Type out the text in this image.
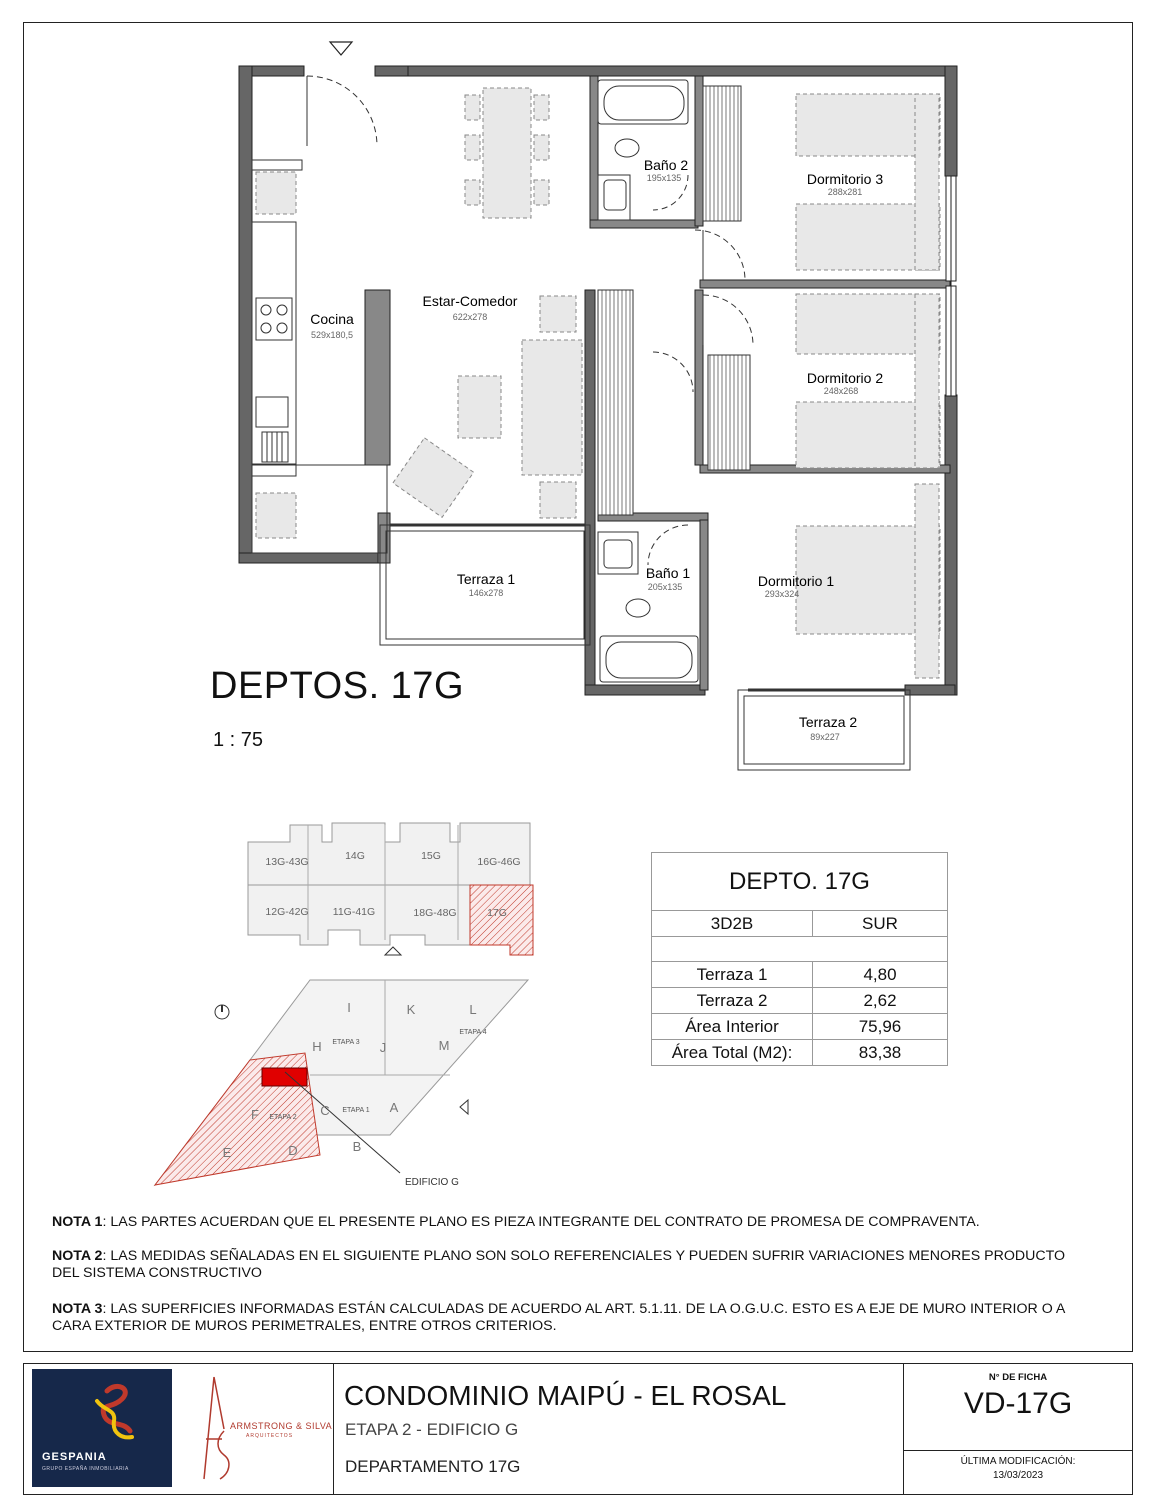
Cocina
529x180,5
Estar-Comedor
622x278
Baño 2
195x135	Dormitorio 3
288x281
Dormitorio 2
248x268
Terraza 1
146x278
Baño 1
205x135	Dormitorio 1
293x324
Terraza 2
89x227
DEPTOS. 17G
1 : 75
13G-43G	14G	15G	16G-46G
12G-42G 11G-41G	18G-48G	17G
I	K	L
H	J	M
F	C	A
E	D	B
ETAPA 1
ETAPA 2
ETAPA 3
ETAPA 4
EDIFICIO G
DEPTO. 17G	
3D2B	SUR

Terraza 1	4,80
Terraza 2	2,62
Área Interior	75,96
Área Total (M2):	83,38
NOTA 1: LAS PARTES ACUERDAN QUE EL PRESENTE PLANO ES PIEZA INTEGRANTE DEL CONTRATO DE PROMESA DE COMPRAVENTA.
NOTA 2: LAS MEDIDAS SEÑALADAS EN EL SIGUIENTE PLANO SON SOLO REFERENCIALES Y PUEDEN SUFRIR VARIACIONES MENORES PRODUCTO DEL SISTEMA CONSTRUCTIVO
NOTA 3: LAS SUPERFICIES INFORMADAS ESTÁN CALCULADAS DE ACUERDO AL ART. 5.1.11. DE LA O.G.U.C. ESTO ES A EJE DE MURO INTERIOR O A CARA EXTERIOR DE MUROS PERIMETRALES, ENTRE OTROS CRITERIOS.
GESPANIA
GRUPO ESPAÑA INMOBILIARIA
ARMSTRONG & SILVA
ARQUITECTOS
CONDOMINIO MAIPÚ - EL ROSAL
ETAPA 2 - EDIFICIO G
DEPARTAMENTO 17G
N° DE FICHA
VD-17G
ÚLTIMA MODIFICACIÓN:
13/03/2023
